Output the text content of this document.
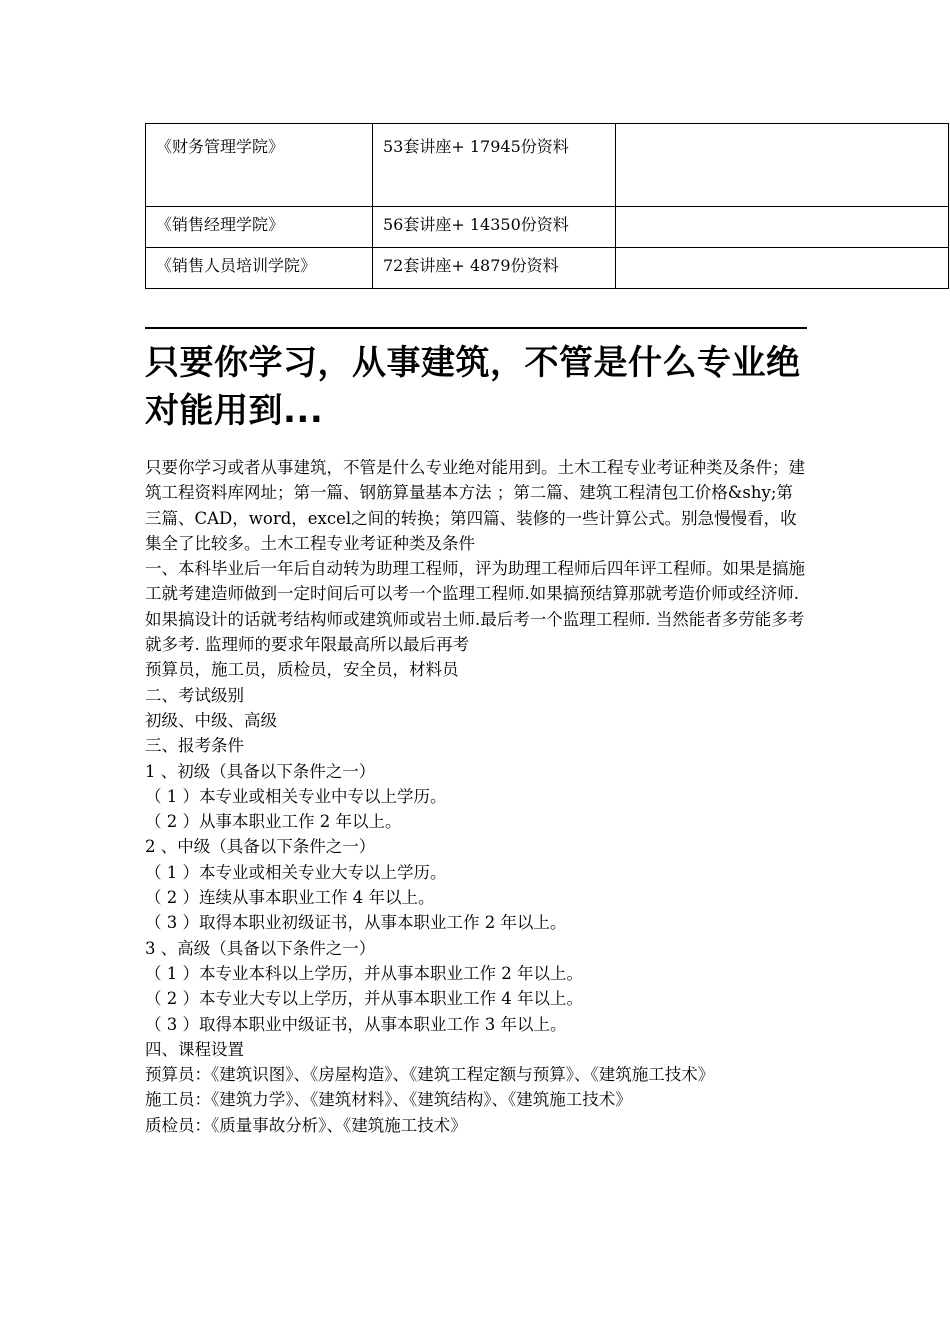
《财务管理学院》	53套讲座+ 17945份资料	
《销售经理学院》	56套讲座+ 14350份资料	
《销售人员培训学院》	72套讲座+ 4879份资料	
只要你学习，从事建筑，不管是什么专业绝对能用到...

只要你学习或者从事建筑，不管是什么专业绝对能用到。土木工程专业考证种类及条件；建筑工程资料库网址；第一篇、钢筋算量基本方法 ；第二篇、建筑工程清包工价格&shy;第三篇、CAD，word，excel之间的转换；第四篇、装修的一些计算公式。别急慢慢看，收集全了比较多。土木工程专业考证种类及条件

一、本科毕业后一年后自动转为助理工程师，评为助理工程师后四年评工程师。如果是搞施工就考建造师做到一定时间后可以考一个监理工程师.如果搞预结算那就考造价师或经济师. 如果搞设计的话就考结构师或建筑师或岩土师.最后考一个监理工程师. 当然能者多劳能多考就多考. 监理师的要求年限最高所以最后再考

预算员，施工员，质检员，安全员，材料员

二、考试级别

初级、中级、高级

三、报考条件

1 、初级（具备以下条件之一）

（ 1 ）本专业或相关专业中专以上学历。

（ 2 ）从事本职业工作 2 年以上。

2 、中级（具备以下条件之一）

（ 1 ）本专业或相关专业大专以上学历。

（ 2 ）连续从事本职业工作 4 年以上。

（ 3 ）取得本职业初级证书，从事本职业工作 2 年以上。

3 、高级（具备以下条件之一）

（ 1 ）本专业本科以上学历，并从事本职业工作 2 年以上。

（ 2 ）本专业大专以上学历，并从事本职业工作 4 年以上。

（ 3 ）取得本职业中级证书，从事本职业工作 3 年以上。

四、课程设置

预算员：《建筑识图》、《房屋构造》、《建筑工程定额与预算》、《建筑施工技术》

施工员：《建筑力学》、《建筑材料》、《建筑结构》、《建筑施工技术》

质检员：《质量事故分析》、《建筑施工技术》
